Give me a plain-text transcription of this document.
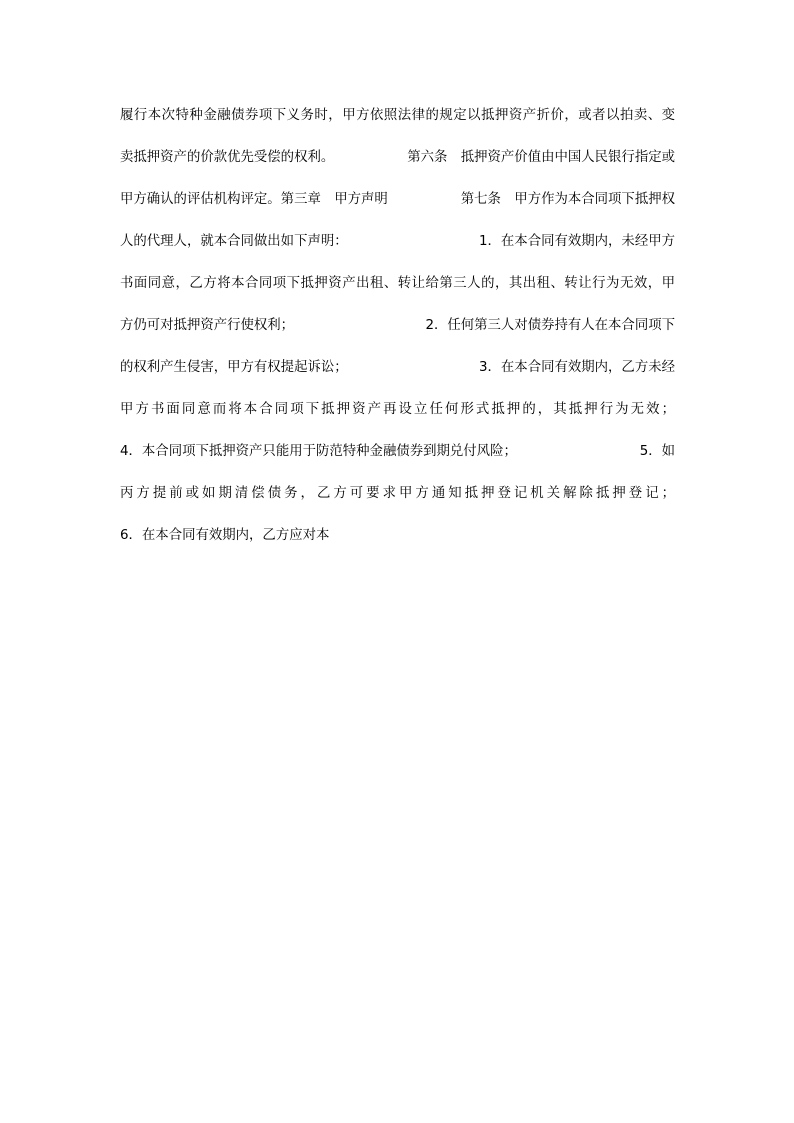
履行本次特种金融债券项下义务时，甲方依照法律的规定以抵押资产折价，或者以拍卖、变
卖抵押资产的价款优先受偿的权利。	第六条　抵押资产价值由中国人民银行指定或
甲方确认的评估机构评定。第三章　甲方声明	第七条　甲方作为本合同项下抵押权
人的代理人，就本合同做出如下声明：	1．在本合同有效期内，未经甲方
书面同意，乙方将本合同项下抵押资产出租、转让给第三人的，其出租、转让行为无效，甲
方仍可对抵押资产行使权利；	2．任何第三人对债券持有人在本合同项下
的权利产生侵害，甲方有权提起诉讼；	3．在本合同有效期内，乙方未经
甲方书面同意而将本合同项下抵押资产再设立任何形式抵押的，其抵押行为无效；
4．本合同项下抵押资产只能用于防范特种金融债券到期兑付风险；	5．如
丙方提前或如期清偿债务，乙方可要求甲方通知抵押登记机关解除抵押登记；
6．在本合同有效期内，乙方应对本
